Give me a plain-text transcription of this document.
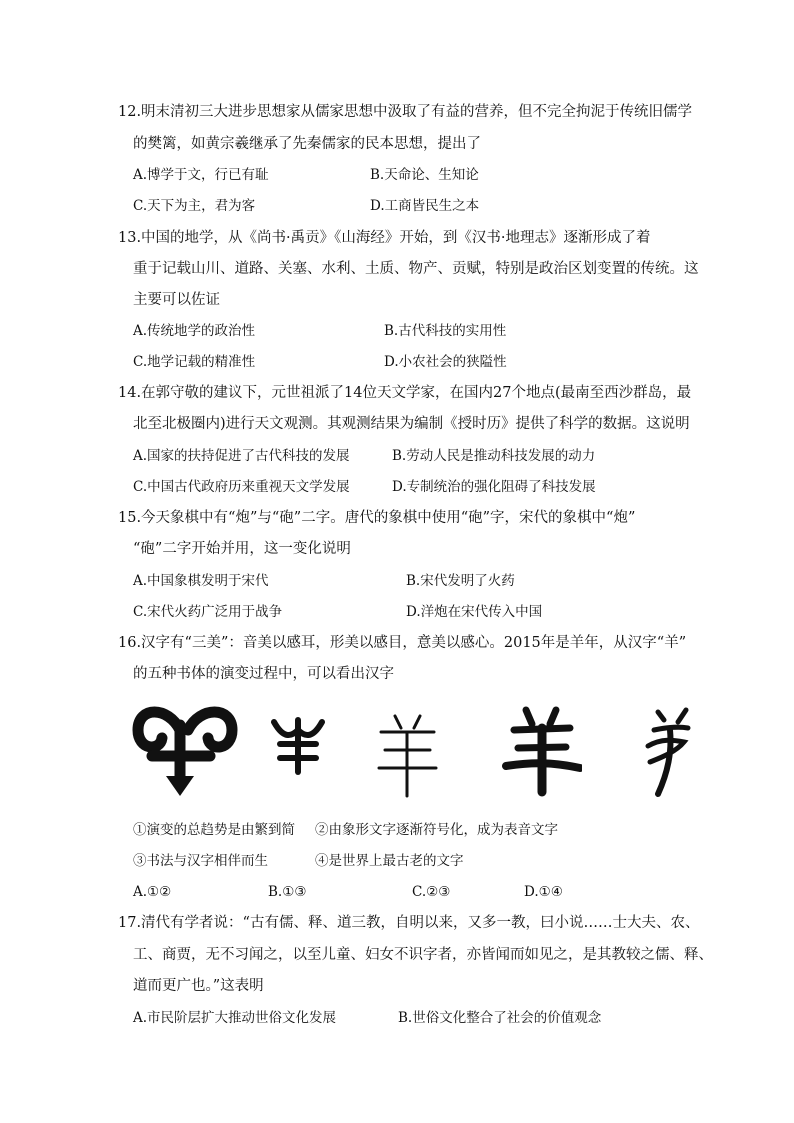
12.明末清初三大进步思想家从儒家思想中汲取了有益的营养，但不完全拘泥于传统旧儒学
的樊篱，如黄宗羲继承了先秦儒家的民本思想，提出了
A.博学于文，行已有耻	B.天命论、生知论
C.天下为主，君为客	D.工商皆民生之本
13.中国的地学，从《尚书·禹贡》《山海经》开始，到《汉书·地理志》逐渐形成了着
重于记载山川、道路、关塞、水利、土质、物产、贡赋，特别是政治区划变置的传统。这
主要可以佐证
A.传统地学的政治性	B.古代科技的实用性
C.地学记载的精准性	D.小农社会的狭隘性
14.在郭守敬的建议下，元世祖派了14位天文学家，在国内27个地点(最南至西沙群岛，最
北至北极圈内)进行天文观测。其观测结果为编制《授时历》提供了科学的数据。这说明
A.国家的扶持促进了古代科技的发展	B.劳动人民是推动科技发展的动力
C.中国古代政府历来重视天文学发展	D.专制统治的强化阻碍了科技发展
15.今天象棋中有“炮”与“砲”二字。唐代的象棋中使用“砲”字，宋代的象棋中“炮”
“砲”二字开始并用，这一变化说明
A.中国象棋发明于宋代	B.宋代发明了火药
C.宋代火药广泛用于战争	D.洋炮在宋代传入中国
16.汉字有“三美”：音美以感耳，形美以感目，意美以感心。2015年是羊年，从汉字“羊”
的五种书体的演变过程中，可以看出汉字
①演变的总趋势是由繁到简 ②由象形文字逐渐符号化，成为表音文字
③书法与汉字相伴而生	④是世界上最古老的文字
A.①②	B.①③	C.②③	D.①④
17.清代有学者说：“古有儒、释、道三教，自明以来，又多一教，曰小说……士大夫、农、
工、商贾，无不习闻之，以至儿童、妇女不识字者，亦皆闻而如见之，是其教较之儒、释、
道而更广也。”这表明
A.市民阶层扩大推动世俗文化发展	B.世俗文化整合了社会的价值观念
